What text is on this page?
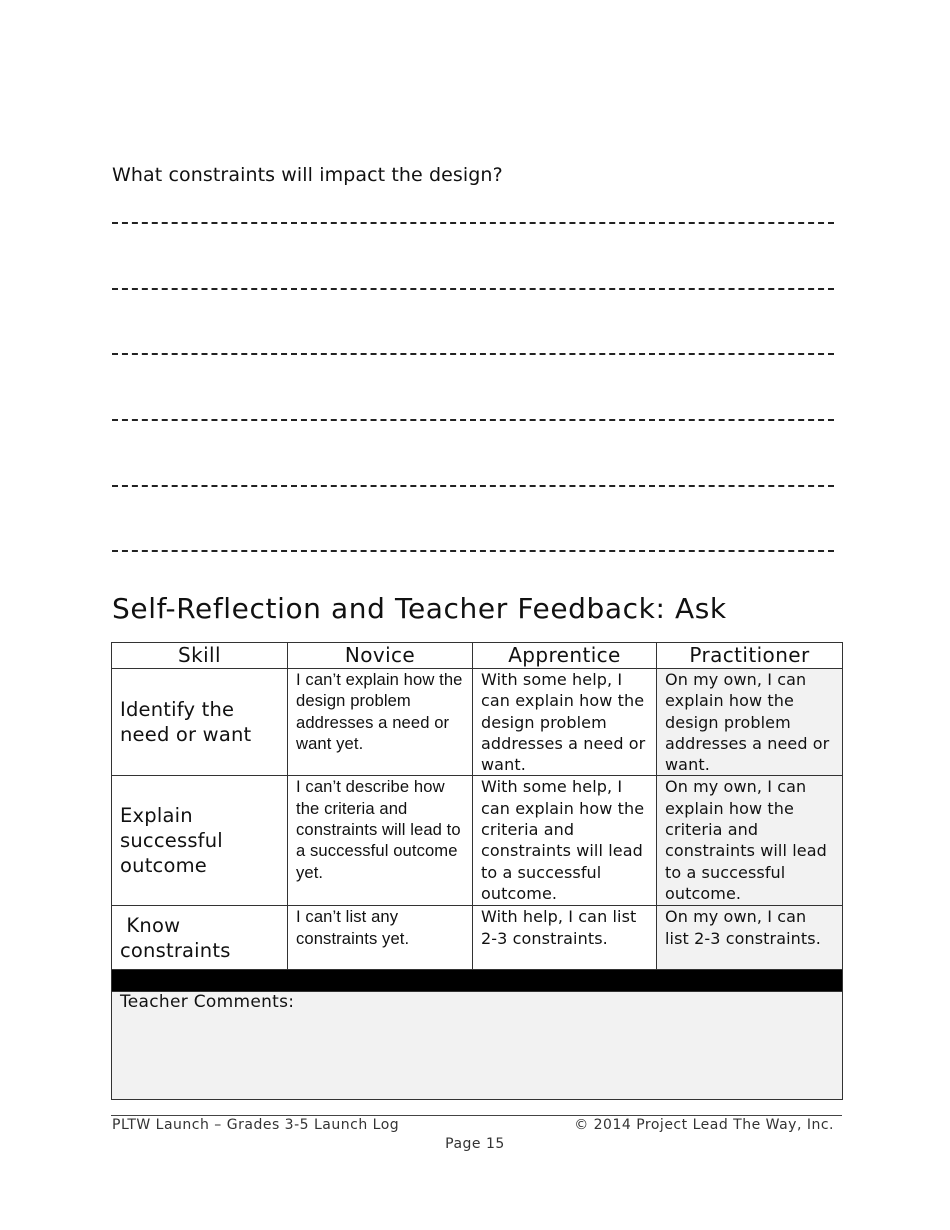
What constraints will impact the design?
Self-Reflection and Teacher Feedback: Ask
Skill	Novice	Apprentice	Practitioner
Identify the need or want	I can’t explain how the design problem addresses a need or want yet.	With some help, I can explain how the design problem addresses a need or want.	On my own, I can explain how the design problem addresses a need or want.
Explain successful outcome	I can’t describe how the criteria and constraints will lead to a successful outcome yet.	With some help, I can explain how the criteria and constraints will lead to a successful outcome.	On my own, I can explain how the criteria and constraints will lead to a successful outcome.
Know constraints	I can’t list any constraints yet.	With help, I can list 2-3 constraints.	On my own, I can list 2-3 constraints.

Teacher Comments:			
PLTW Launch – Grades 3-5 Launch Log	© 2014 Project Lead The Way, Inc.
Page 15
